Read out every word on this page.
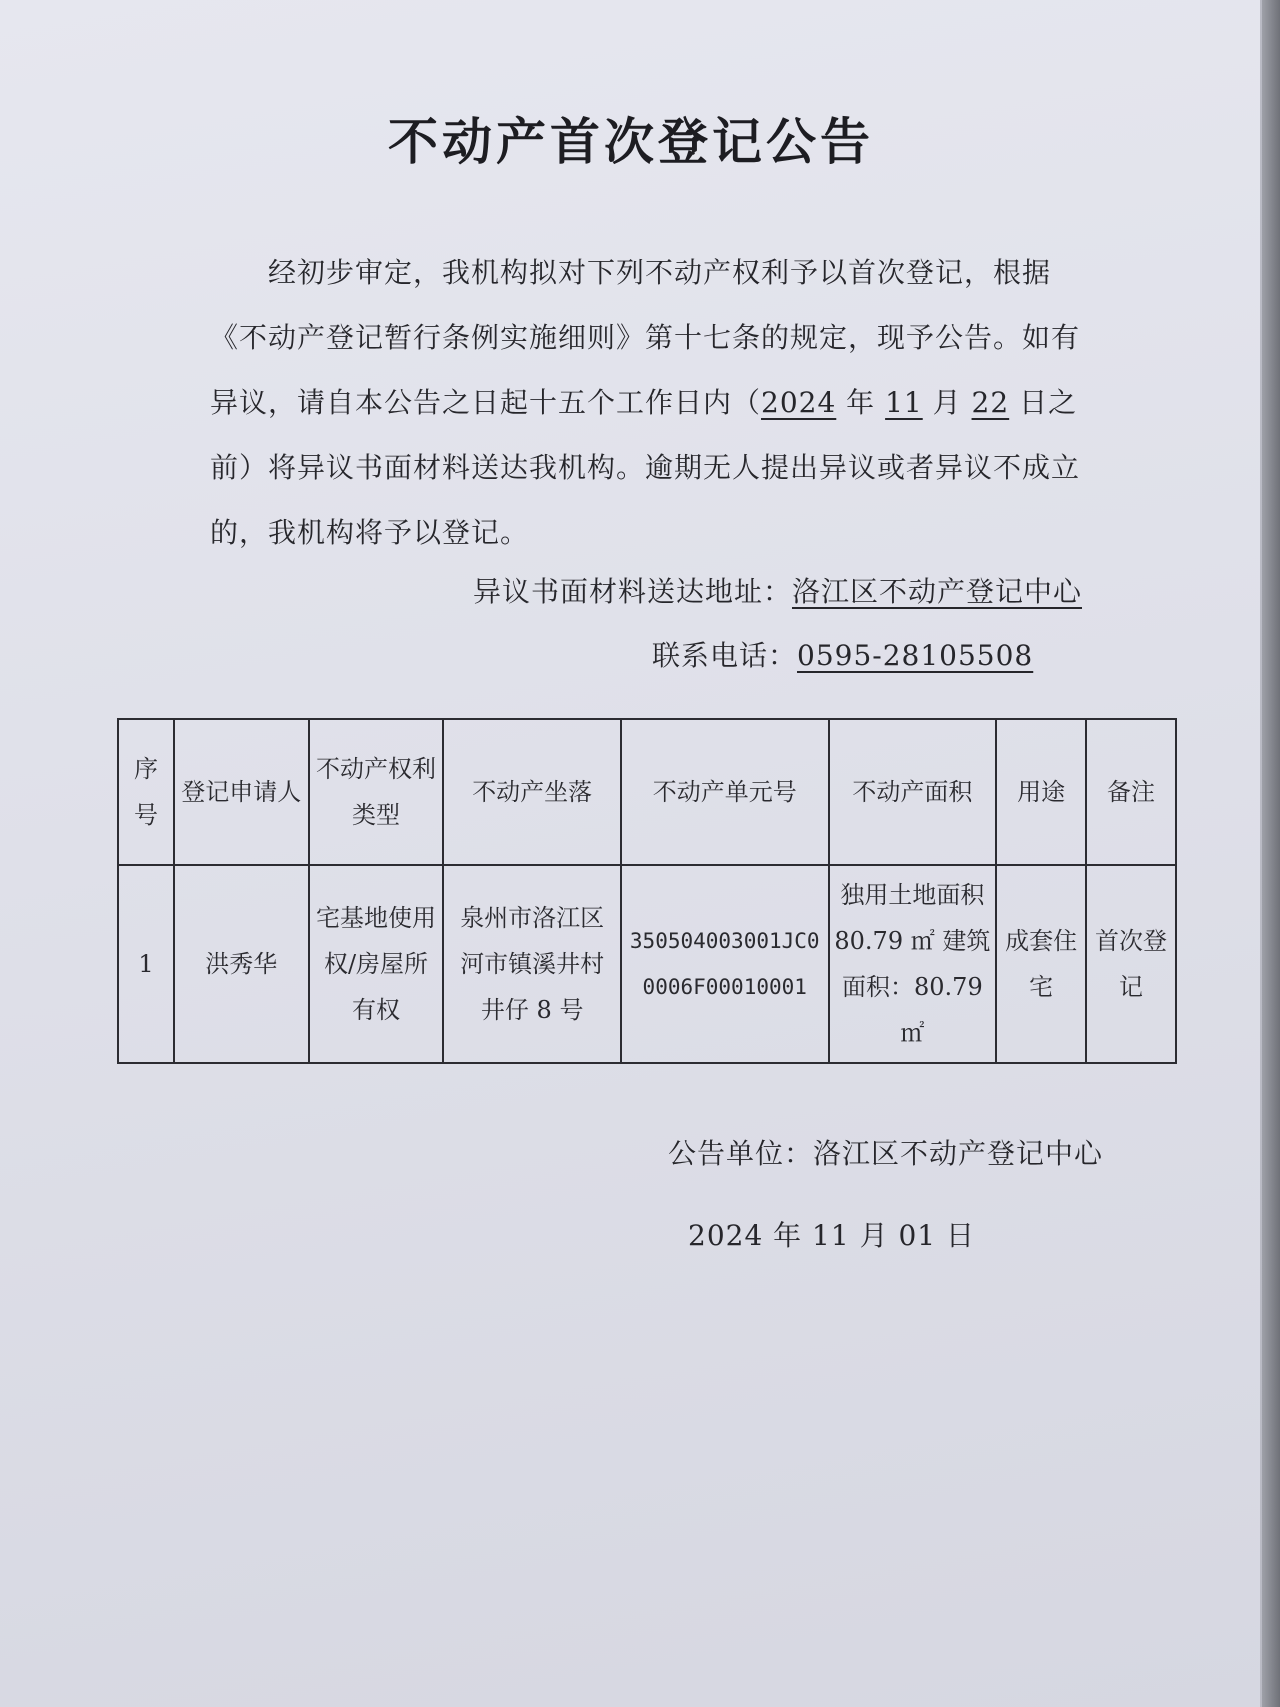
不动产首次登记公告
经初步审定，我机构拟对下列不动产权利予以首次登记，根据《不动产登记暂行条例实施细则》第十七条的规定，现予公告。如有异议，请自本公告之日起十五个工作日内（2024 年 11 月 22 日之前）将异议书面材料送达我机构。逾期无人提出异议或者异议不成立的，我机构将予以登记。
异议书面材料送达地址：洛江区不动产登记中心
联系电话：0595-28105508
序号	登记申请人	不动产权利类型	不动产坐落	不动产单元号	不动产面积	用途	备注
1	洪秀华	宅基地使用权/房屋所有权	泉州市洛江区河市镇溪井村井仔 8 号	350504003001JC00006F00010001	独用土地面积 80.79 ㎡ 建筑面积：80.79 ㎡	成套住宅	首次登记
公告单位：洛江区不动产登记中心
2024 年 11 月 01 日
